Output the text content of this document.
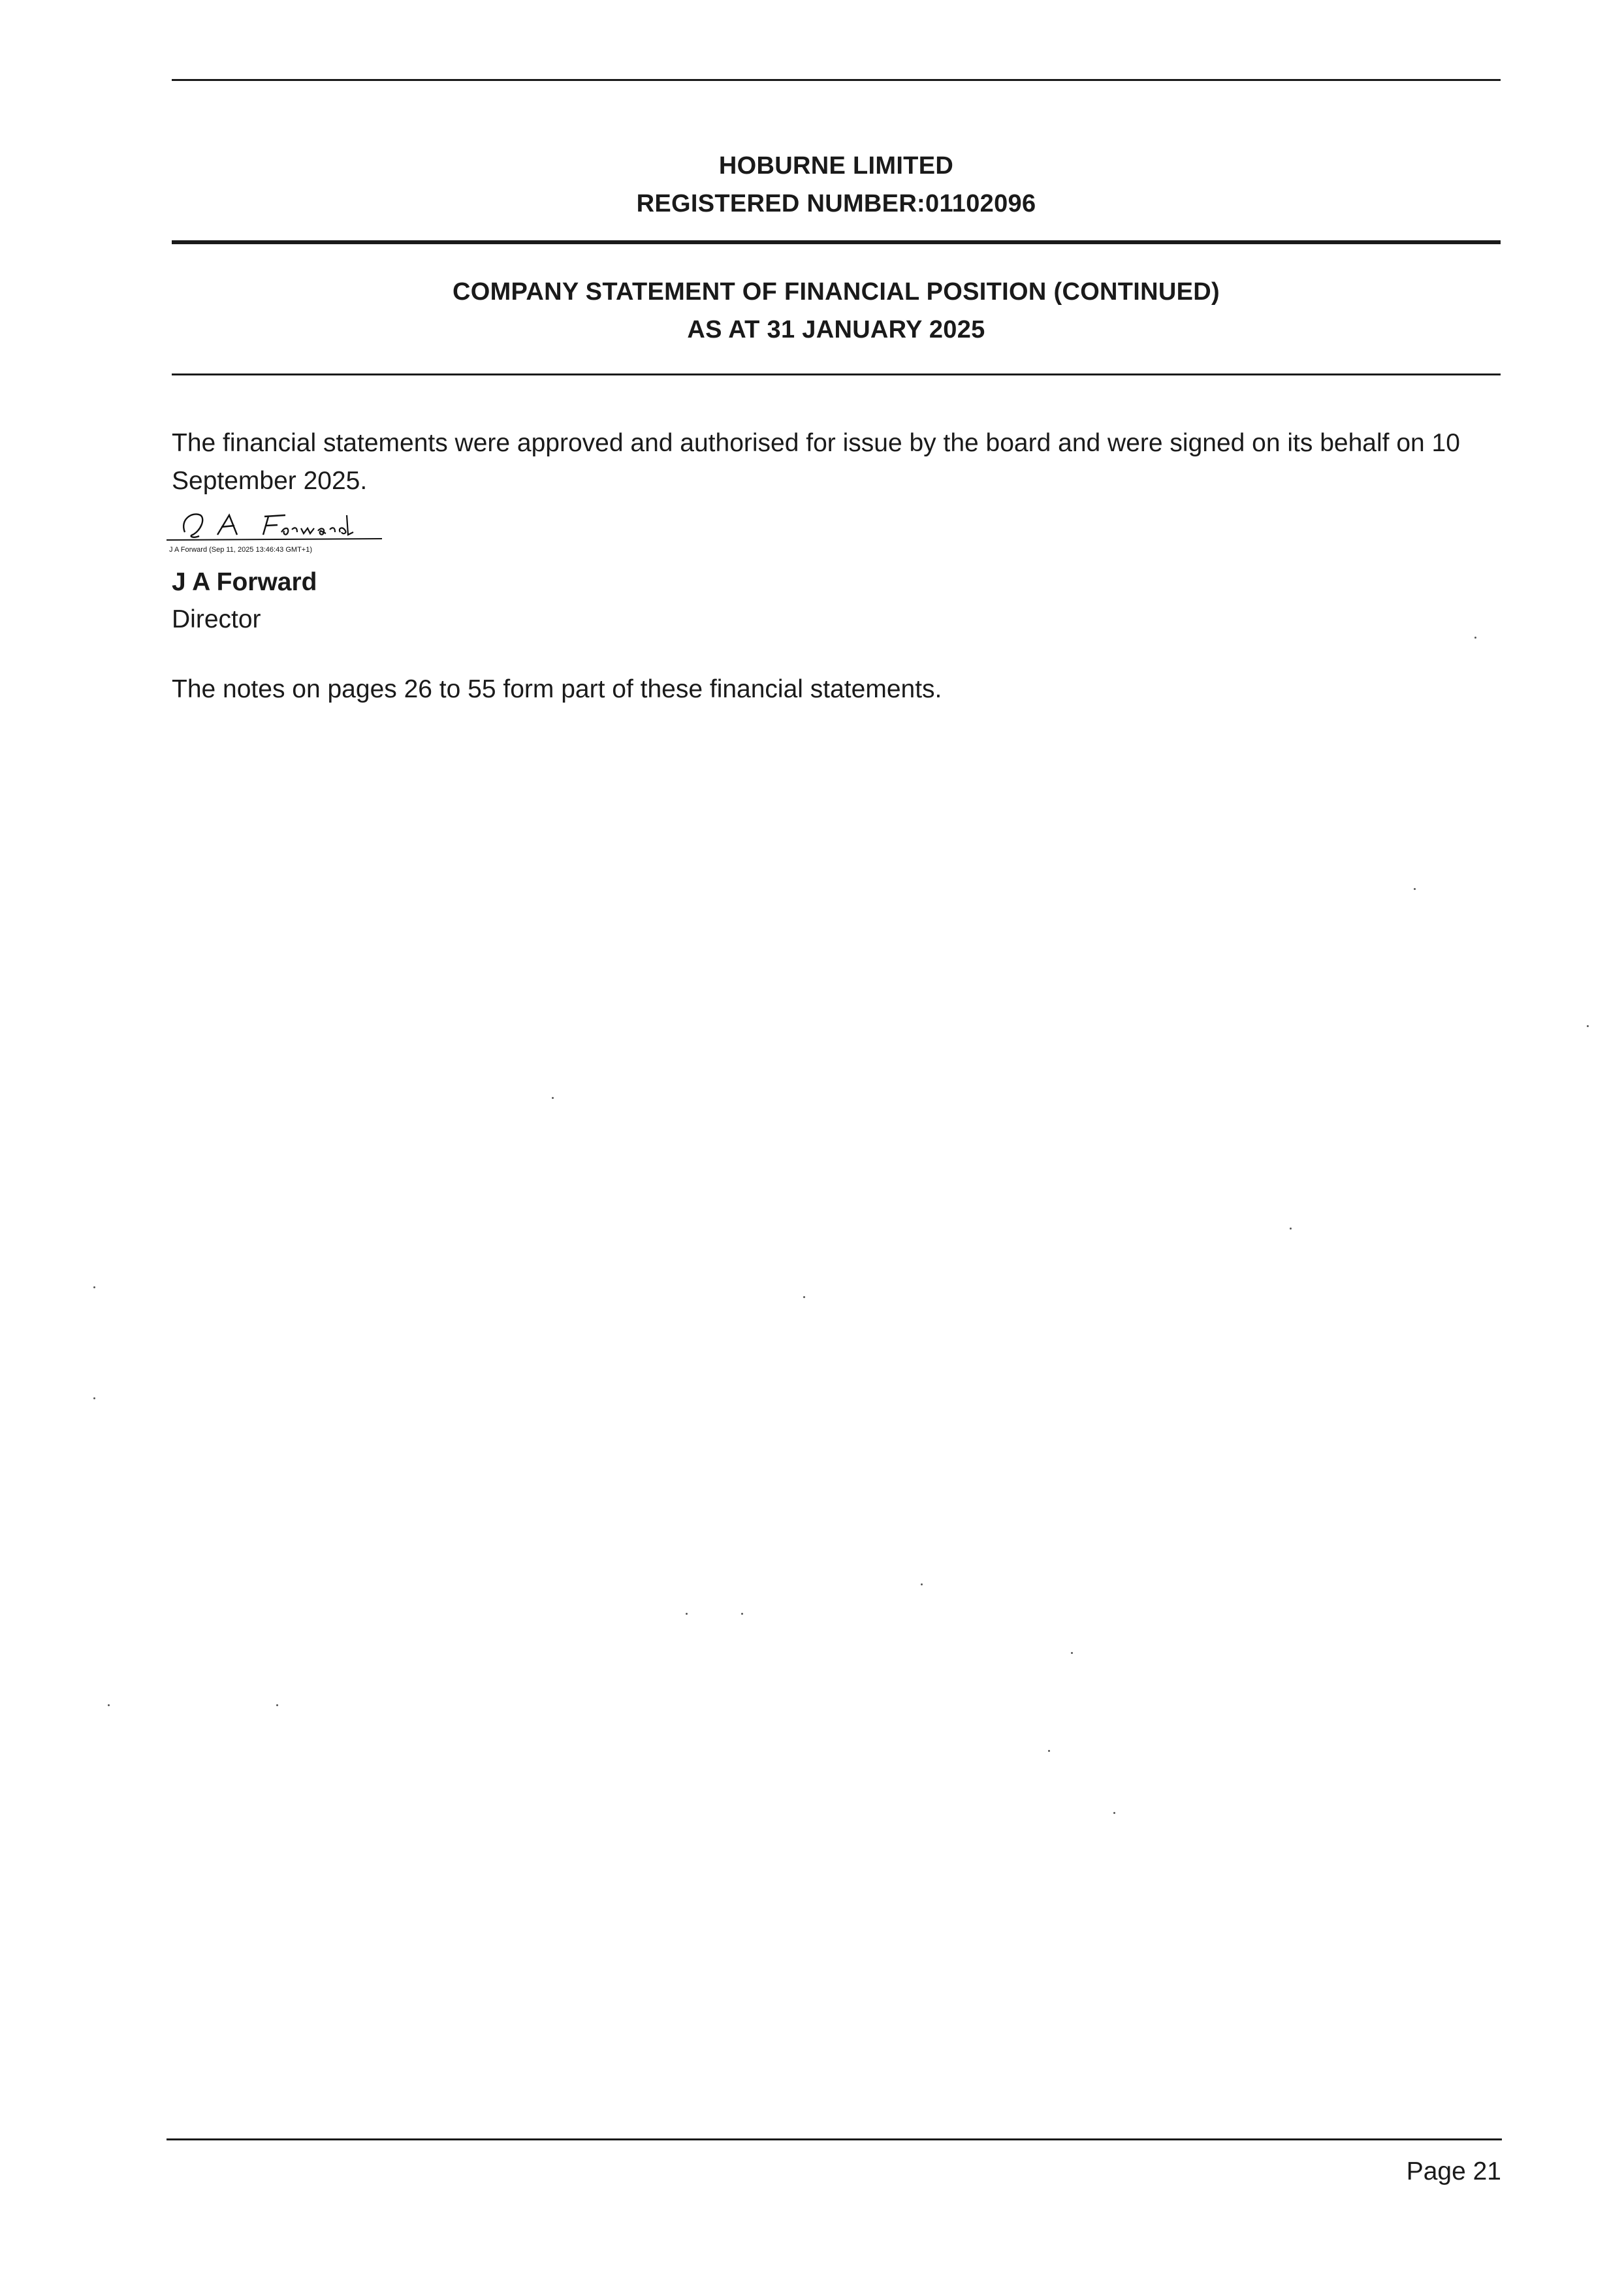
HOBURNE LIMITED
REGISTERED NUMBER:01102096
COMPANY STATEMENT OF FINANCIAL POSITION (CONTINUED)
AS AT 31 JANUARY 2025
The financial statements were approved and authorised for issue by the board and were signed on its behalf on 10 September 2025.
J A Forward (Sep 11, 2025 13:46:43 GMT+1)
J A Forward
Director
The notes on pages 26 to 55 form part of these financial statements.
Page 21
